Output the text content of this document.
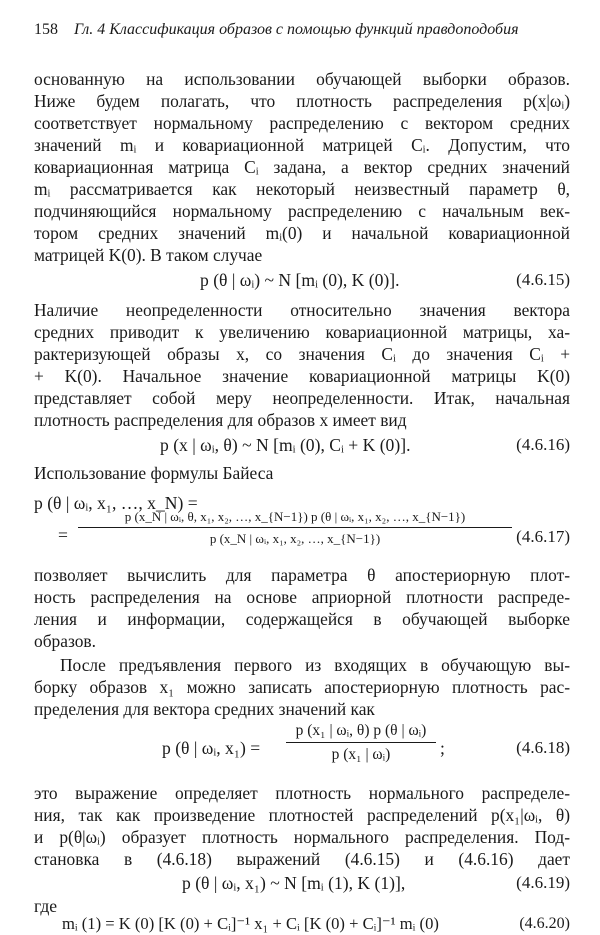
158 Гл. 4 Классификация образов с помощью функций правдоподобия
основанную на использовании обучающей выборки образов.
Ниже будем полагать, что плотность распределения p(x|ωᵢ)
соответствует нормальному распределению с вектором средних
значений mᵢ и ковариационной матрицей Cᵢ. Допустим, что
ковариационная матрица Cᵢ задана, а вектор средних значений
mᵢ рассматривается как некоторый неизвестный параметр θ,
подчиняющийся нормальному распределению с начальным век-
тором средних значений mᵢ(0) и начальной ковариационной
матрицей K(0). В таком случае
p (θ | ωᵢ) ~ N [mᵢ (0), K (0)].	(4.6.15)
Наличие неопределенности относительно значения вектора
средних приводит к увеличению ковариационной матрицы, ха-
рактеризующей образы x, со значения Cᵢ до значения Cᵢ +
+ K(0). Начальное значение ковариационной матрицы K(0)
представляет собой меру неопределенности. Итак, начальная
плотность распределения для образов x имеет вид
p (x | ωᵢ, θ) ~ N [mᵢ (0), Cᵢ + K (0)].	(4.6.16)
Использование формулы Байеса
p (θ | ωᵢ, x₁, …, x_N) =
=
p (x_N | ωᵢ, θ, x₁, x₂, …, x_{N−1}) p (θ | ωᵢ, x₁, x₂, …, x_{N−1})
p (x_N | ωᵢ, x₁, x₂, …, x_{N−1})	(4.6.17)
позволяет вычислить для параметра θ апостериорную плот-
ность распределения на основе априорной плотности распреде-
ления и информации, содержащейся в обучающей выборке
образов.
После предъявления первого из входящих в обучающую вы-
борку образов x₁ можно записать апостериорную плотность рас-
пределения для вектора средних значений как
p (θ | ωᵢ, $x_1) = \frac{\text{p (x₁ | ωᵢ, θ) p (θ | ωᵢ)}}{\text{p (x₁ | ωᵢ)}}$ ;	(4.6.18)
это выражение определяет плотность нормального распределе-
ния, так как произведение плотностей распределений p(x₁|ωᵢ, θ)
и p(θ|ωᵢ) образует плотность нормального распределения. Под-
становка в (4.6.18) выражений (4.6.15) и (4.6.16) дает
p (θ | ωᵢ, x₁) ~ N [mᵢ (1), K (1)],	(4.6.19)
где
mᵢ (1) = K (0) [K (0) + Cᵢ]⁻¹ x₁ + Cᵢ [K (0) + Cᵢ]⁻¹ mᵢ (0)	(4.6.20)
